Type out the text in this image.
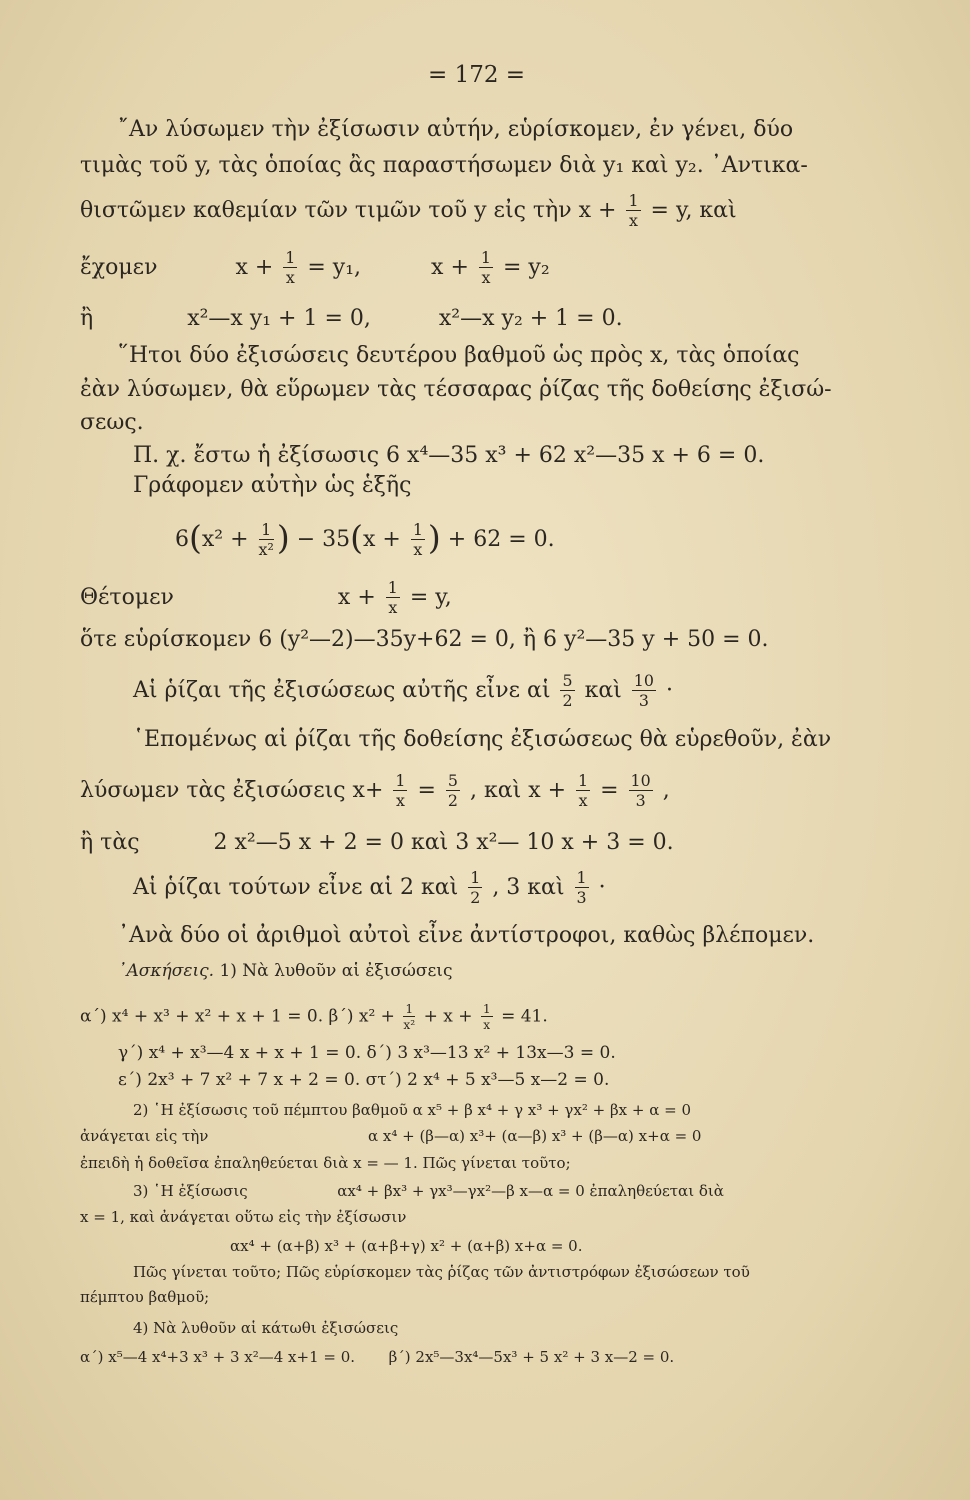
= 172 =
῎Αν λύσωμεν τὴν ἐξίσωσιν αὐτήν, εὑρίσκομεν, ἐν γένει, δύο
τιμὰς τοῦ y, τὰς ὁποίας ἂς παραστήσωμεν διὰ y₁ καὶ y₂. ᾿Αντικα-
θιστῶμεν καθεμίαν τῶν τιμῶν τοῦ y εἰς τὴν $x + \frac{1}{x} = y$, καὶ
ἔχομεν	$x + \frac{1}{x} = y_1$,	$x + \frac{1}{x} = y_2$
ἢ	x²—x y₁ + 1 = 0,	x²—x y₂ + 1 = 0.
῞Ητοι δύο ἐξισώσεις δευτέρου βαθμοῦ ὡς πρὸς x, τὰς ὁποίας
ἐὰν λύσωμεν, θὰ εὕρωμεν τὰς τέσσαρας ῥίζας τῆς δοθείσης ἐξισώ-
σεως.
Π. χ. ἔστω ἡ ἐξίσωσις 6 x⁴—35 x³ + 62 x²—35 x + 6 = 0.
Γράφομεν αὐτὴν ὡς ἑξῆς
$6(x^2 + \frac{1}{\text{x²}}$ ) − $35(x + \frac{1}{x}$ ) + 62 = 0.
Θέτομεν	$x + \frac{1}{x} = y$,
ὅτε εὑρίσκομεν 6 (y²—2)—35y+62 = 0, ἢ 6 y²—35 y + 50 = 0.
Αἱ ῥίζαι τῆς ἐξισώσεως αὐτῆς εἶνε αἱ $\frac{5}{2}$ καὶ $\frac{10}{3}$ ·
῾Επομένως αἱ ῥίζαι τῆς δοθείσης ἐξισώσεως θὰ εὑρεθοῦν, ἐὰν
λύσωμεν τὰς ἐξισώσεις $x+ \frac{1}{x} = \frac{5}{2}$ , καὶ $x + \frac{1}{x} = \frac{10}{3}$ ,
ἢ τὰς	2 x²—5 x + 2 = 0 καὶ 3 x²— 10 x + 3 = 0.
Αἱ ῥίζαι τούτων εἶνε αἱ 2 καὶ $\frac{1}{2}$ , 3 καὶ $\frac{1}{3}$ ·
᾿Ανὰ δύο οἱ ἀριθμοὶ αὐτοὶ εἶνε ἀντίστροφοι, καθὼς βλέπομεν.
᾿Ασκήσεις. 1) Νὰ λυθοῦν αἱ ἐξισώσεις
α΄) x⁴ + x³ + x² + x + 1 = 0. β΄) $x^2 + \frac{1}{\text{x²}} + x + \frac{1}{x} = 41$.
γ΄) x⁴ + x³—4 x + x + 1 = 0. δ΄) 3 x³—13 x² + 13x—3 = 0.
ε΄) 2x³ + 7 x² + 7 x + 2 = 0. στ΄) 2 x⁴ + 5 x³—5 x—2 = 0.
2) ῾Η ἐξίσωσις τοῦ πέμπτου βαθμοῦ α x⁵ + β x⁴ + γ x³ + γx² + βx + α = 0
ἀνάγεται εἰς τὴν	α x⁴ + (β—α) x³+ (α—β) x³ + (β—α) x+α = 0
ἐπειδὴ ἡ δοθεῖσα ἐπαληθεύεται διὰ x = — 1. Πῶς γίνεται τοῦτο;
3) ῾Η ἐξίσωσις	αx⁴ + βx³ + γx³—γx²—β x—α = 0 ἐπαληθεύεται διὰ
x = 1, καὶ ἀνάγεται οὕτω εἰς τὴν ἐξίσωσιν
αx⁴ + (α+β) x³ + (α+β+γ) x² + (α+β) x+α = 0.
Πῶς γίνεται τοῦτο; Πῶς εὑρίσκομεν τὰς ῥίζας τῶν ἀντιστρόφων ἐξισώσεων τοῦ
πέμπτου βαθμοῦ;
4) Νὰ λυθοῦν αἱ κάτωθι ἐξισώσεις
α΄) x⁵—4 x⁴+3 x³ + 3 x²—4 x+1 = 0. β΄) 2x⁵—3x⁴—5x³ + 5 x² + 3 x—2 = 0.
